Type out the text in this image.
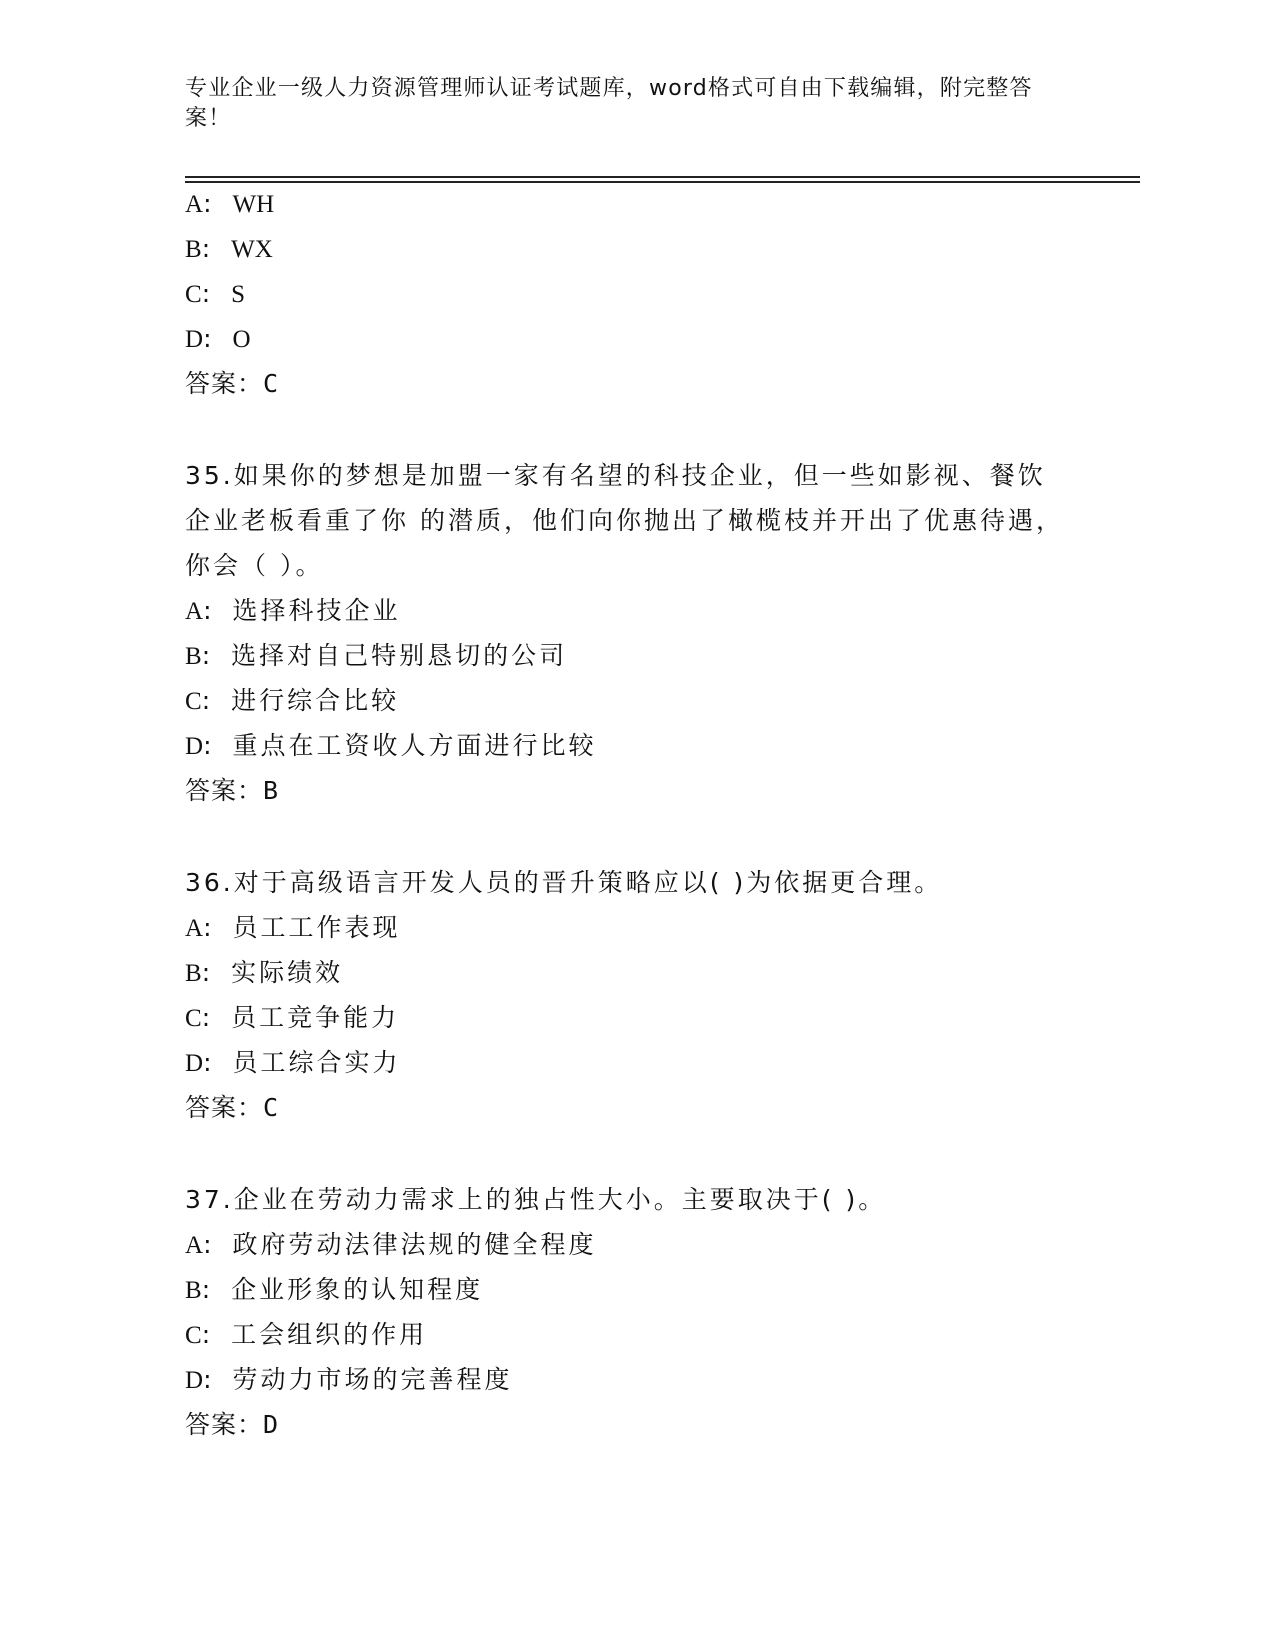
专业企业一级人力资源管理师认证考试题库，word格式可自由下载编辑，附完整答案！
A: WH
B: WX
C: S
D: O
答案：C
35.如果你的梦想是加盟一家有名望的科技企业，但一些如影视、餐饮企业老板看重了你 的潜质，他们向你抛出了橄榄枝并开出了优惠待遇，你会（ ）。
A: 选择科技企业
B: 选择对自己特别恳切的公司
C: 进行综合比较
D: 重点在工资收人方面进行比较
答案：B
36.对于高级语言开发人员的晋升策略应以( )为依据更合理。
A: 员工工作表现
B: 实际绩效
C: 员工竞争能力
D: 员工综合实力
答案：C
37.企业在劳动力需求上的独占性大小。主要取决于( )。
A: 政府劳动法律法规的健全程度
B: 企业形象的认知程度
C: 工会组织的作用
D: 劳动力市场的完善程度
答案：D
